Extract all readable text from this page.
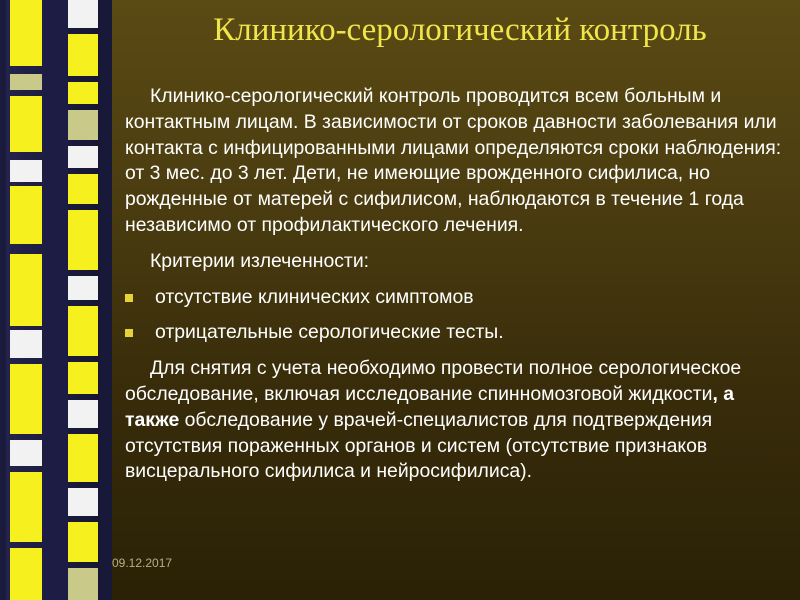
Клинико-серологический контроль

Клинико-серологический контроль проводится всем больным и контактным лицам. В зависимости от сроков давности заболевания или контакта с инфицированными лицами определяются сроки наблюдения: от 3 мес. до 3 лет. Дети, не имеющие врожденного сифилиса, но рожденные от матерей с сифилисом, наблюдаются в течение 1 года независимо от профилактического лечения.

Критерии излеченности:

отсутствие клинических симптомов

отрицательные серологические тесты.

Для снятия с учета необходимо провести полное серологическое обследование, включая исследование спинномозговой жидкости, а также обследование у врачей-специалистов для подтверждения отсутствия пораженных органов и систем (отсутствие признаков висцерального сифилиса и нейросифилиса).

09.12.2017
